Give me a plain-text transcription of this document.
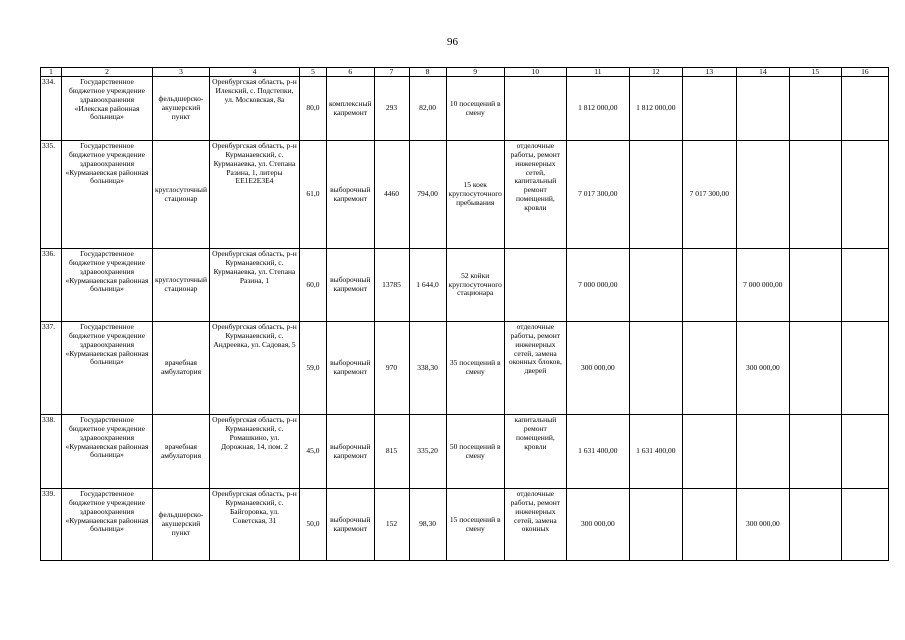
96
1	2	3	4	5	6	7	8	9	10	11	12	13	14	15	16
334.	Государственное бюджетное учреждение здравоохранения «Илекская районная больница»	фельдшерско-акушерский пункт	Оренбургская область, р-н Илекский, с. Подстепки, ул. Московская, 8а	80,0	комплексный капремонт	293	82,00	10 посещений в смену		1 812 000,00	1 812 000,00				
335.	Государственное бюджетное учреждение здравоохранения «Курманаевская районная больница»	круглосуточный стационар	Оренбургская область, р-н Курманаевский, с. Курманаевка, ул. Степана Разина, 1, литеры ЕЕ1Е2Е3Е4	61,0	выборочный капремонт	4460	794,00	15 коек круглосуточного пребывания	отделочные работы, ремонт инженерных сетей, капитальный ремонт помещений, кровли	7 017 300,00		7 017 300,00			
336.	Государственное бюджетное учреждение здравоохранения «Курманаевская районная больница»	круглосуточный стационар	Оренбургская область, р-н Курманаевский, с. Курманаевка, ул. Степана Разина, 1	60,0	выборочный капремонт	13785	1 644,0	52 койки круглосуточного стационара		7 000 000,00			7 000 000,00		
337.	Государственное бюджетное учреждение здравоохранения «Курманаевская районная больница»	врачебная амбулатория	Оренбургская область, р-н Курманаевский, с. Андреевка, ул. Садовая, 5	59,0	выборочный капремонт	970	338,30	35 посещений в смену	отделочные работы, ремонт инженерных сетей, замена оконных блоков, дверей	300 000,00			300 000,00		
338.	Государственное бюджетное учреждение здравоохранения «Курманаевская районная больница»	врачебная амбулатория	Оренбургская область, р-н Курманаевский, с. Ромашкино, ул. Дорожная, 14, пом. 2	45,0	выборочный капремонт	815	335,20	50 посещений в смену	капитальный ремонт помещений, кровли	1 631 400,00	1 631 400,00				
339.	Государственное бюджетное учреждение здравоохранения «Курманаевская районная больница»	фельдшерско-акушерский пункт	Оренбургская область, р-н Курманаевский, с. Байгоровка, ул. Советская, 31	50,0	выборочный капремонт	152	98,30	15 посещений в смену	отделочные работы, ремонт инженерных сетей, замена оконных	300 000,00			300 000,00		
